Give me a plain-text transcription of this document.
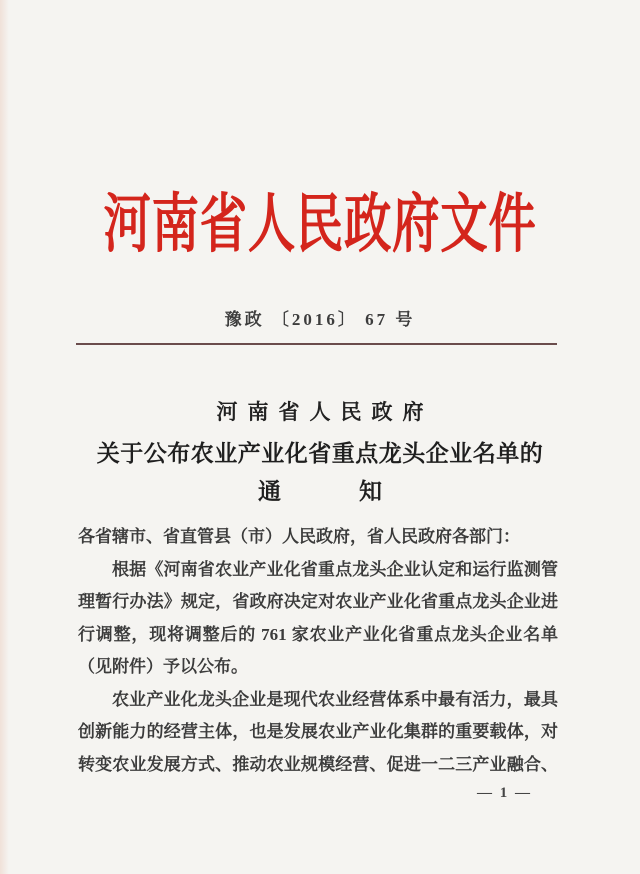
河南省人民政府文件
豫政 〔2016〕 67 号
河南省人民政府
关于公布农业产业化省重点龙头企业名单的
通	知
各省辖市、省直管县（市）人民政府，省人民政府各部门：
根据《河南省农业产业化省重点龙头企业认定和运行监测管
理暂行办法》规定，省政府决定对农业产业化省重点龙头企业进
行调整，现将调整后的 761 家农业产业化省重点龙头企业名单
（见附件）予以公布。
农业产业化龙头企业是现代农业经营体系中最有活力，最具
创新能力的经营主体，也是发展农业产业化集群的重要载体，对
转变农业发展方式、推动农业规模经营、促进一二三产业融合、
— 1 —
